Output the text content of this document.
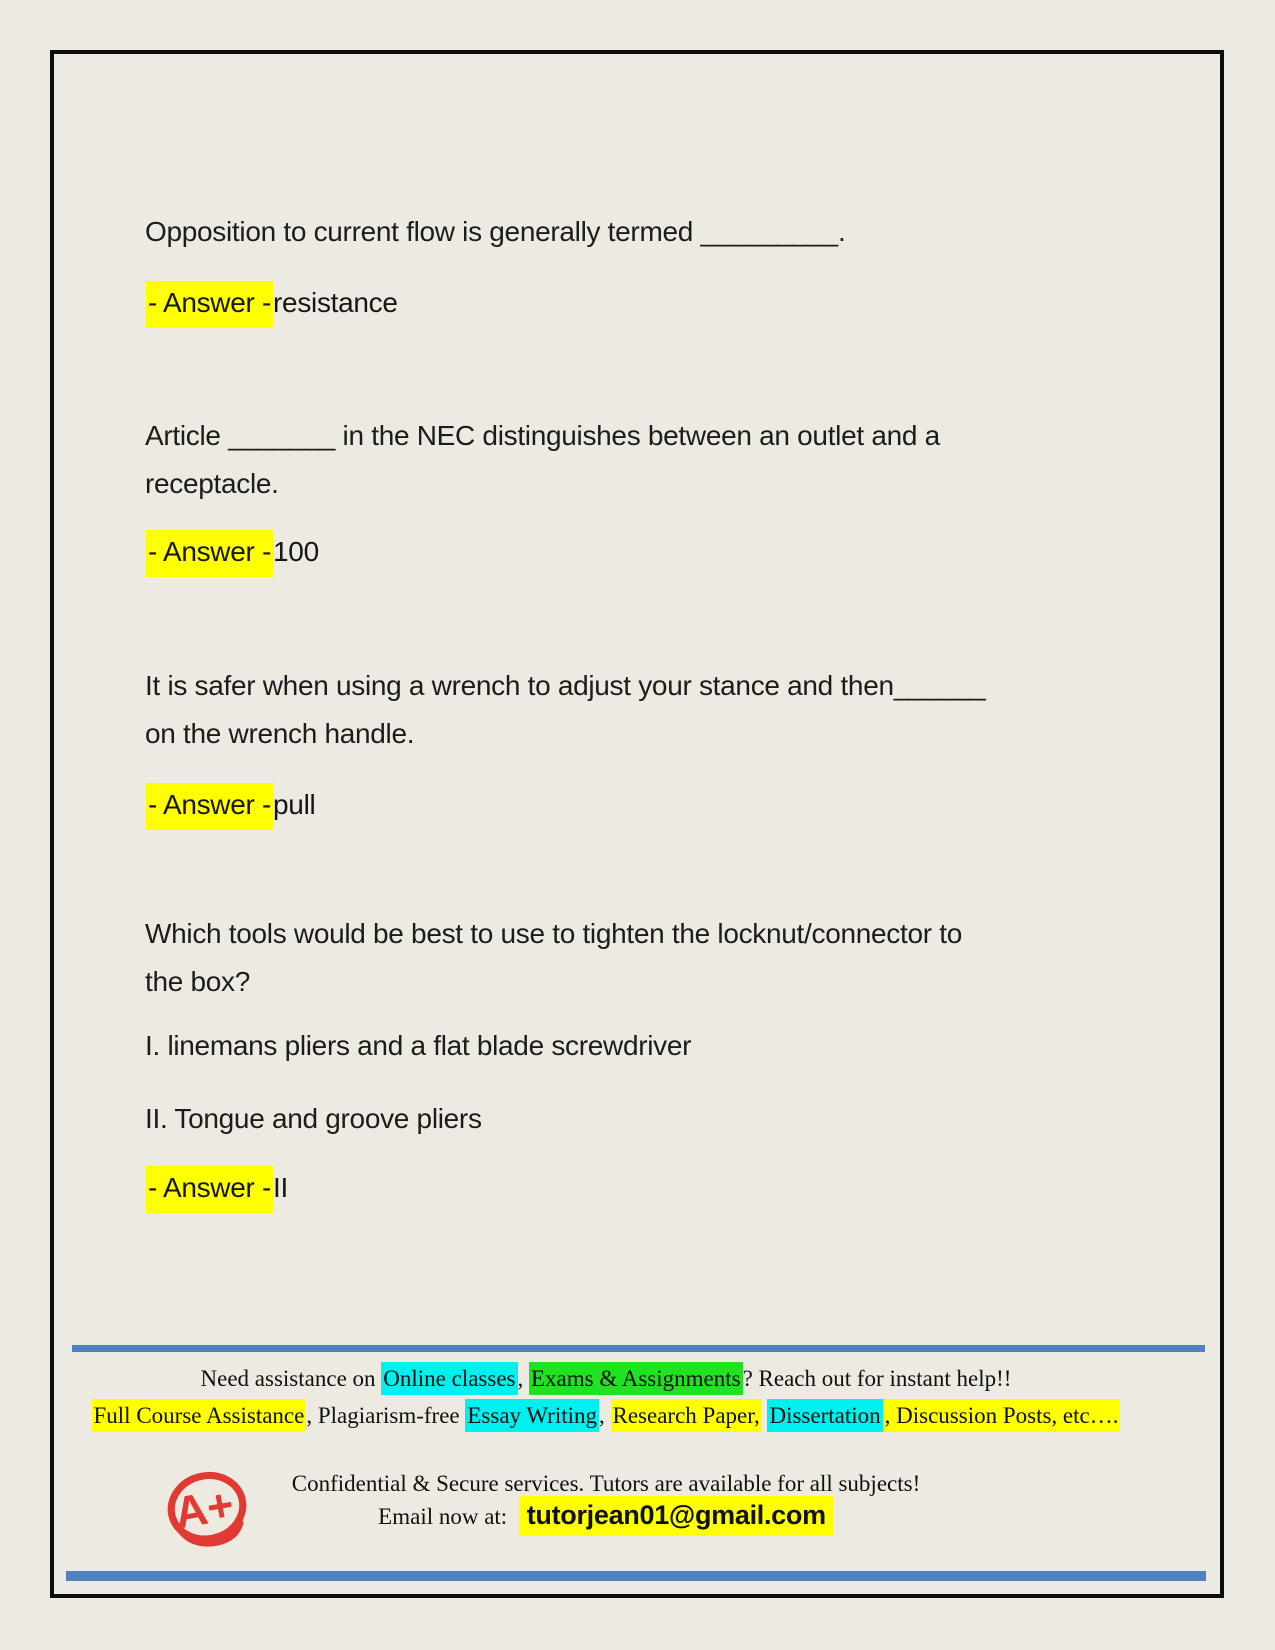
Opposition to current flow is generally termed _________.
- Answer -resistance
Article _______ in the NEC distinguishes between an outlet and a
receptacle.
- Answer -100
It is safer when using a wrench to adjust your stance and then______
on the wrench handle.
- Answer -pull
Which tools would be best to use to tighten the locknut/connector to
the box?
I. linemans pliers and a flat blade screwdriver
II. Tongue and groove pliers
- Answer -II
Need assistance on Online classes, Exams & Assignments? Reach out for instant help!!
Full Course Assistance, Plagiarism-free Essay Writing, Research Paper, Dissertation , Discussion Posts, etc….
Confidential & Secure services. Tutors are available for all subjects!
Email now at: tutorjean01@gmail.com
A+
